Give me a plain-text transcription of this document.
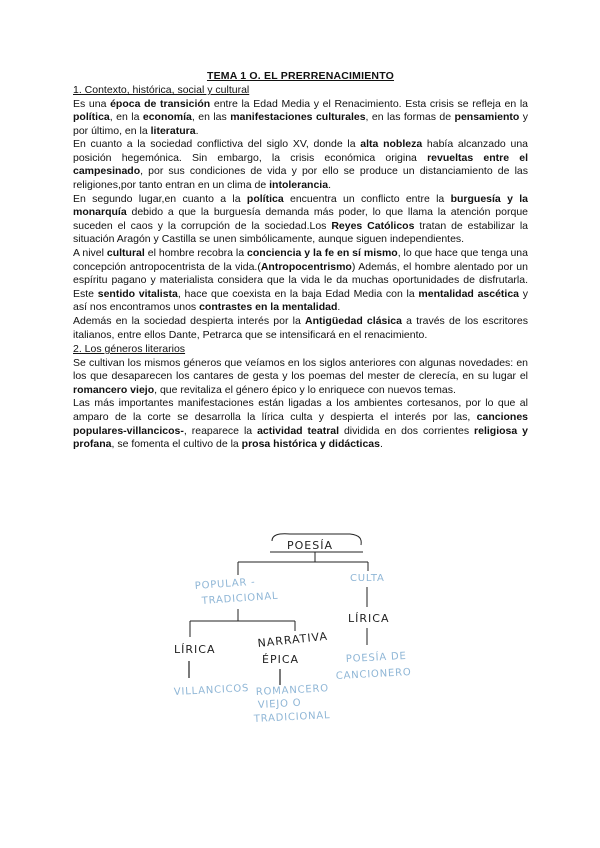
TEMA 1 O. EL PRERRENACIMIENTO
1. Contexto, histórica, social y cultural

Es una época de transición entre la Edad Media y el Renacimiento. Esta crisis se refleja en la política, en la economía, en las manifestaciones culturales, en las formas de pensamiento y por último, en la literatura.

En cuanto a la sociedad conflictiva del siglo XV, donde la alta nobleza había alcanzado una posición hegemónica. Sin embargo, la crisis económica origina revueltas entre el campesinado, por sus condiciones de vida y por ello se produce un distanciamiento de las religiones,por tanto entran en un clima de intolerancia.

En segundo lugar,en cuanto a la política encuentra un conflicto entre la burguesía y la monarquía debido a que la burguesía demanda más poder, lo que llama la atención porque suceden el caos y la corrupción de la sociedad.Los Reyes Católicos tratan de estabilizar la situación Aragón y Castilla se unen simbólicamente, aunque siguen independientes.

A nivel cultural el hombre recobra la conciencia y la fe en sí mismo, lo que hace que tenga una concepción antropocentrista de la vida.(Antropocentrismo) Además, el hombre alentado por un espíritu pagano y materialista considera que la vida le da muchas oportunidades de disfrutarla. Este sentido vitalista, hace que coexista en la baja Edad Media con la mentalidad ascética y así nos encontramos unos contrastes en la mentalidad.

Además en la sociedad despierta interés por la Antigüedad clásica a través de los escritores italianos, entre ellos Dante, Petrarca que se intensificará en el renacimiento.

2. Los géneros literarios

Se cultivan los mismos géneros que veíamos en los siglos anteriores con algunas novedades: en los que desaparecen los cantares de gesta y los poemas del mester de clerecía, en su lugar el romancero viejo, que revitaliza el género épico y lo enriquece con nuevos temas.

Las más importantes manifestaciones están ligadas a los ambientes cortesanos, por lo que al amparo de la corte se desarrolla la lírica culta y despierta el interés por las, canciones populares-villancicos-, reaparece la actividad teatral dividida en dos corrientes religiosa y profana, se fomenta el cultivo de la prosa histórica y didácticas.

POESÍA
POPULAR -
TRADICIONAL
CULTA
LÍRICA
POESÍA DE
CANCIONERO
LÍRICA
VILLANCICOS
NARRATIVA
ÉPICA
ROMANCERO
VIEJO O
TRADICIONAL
